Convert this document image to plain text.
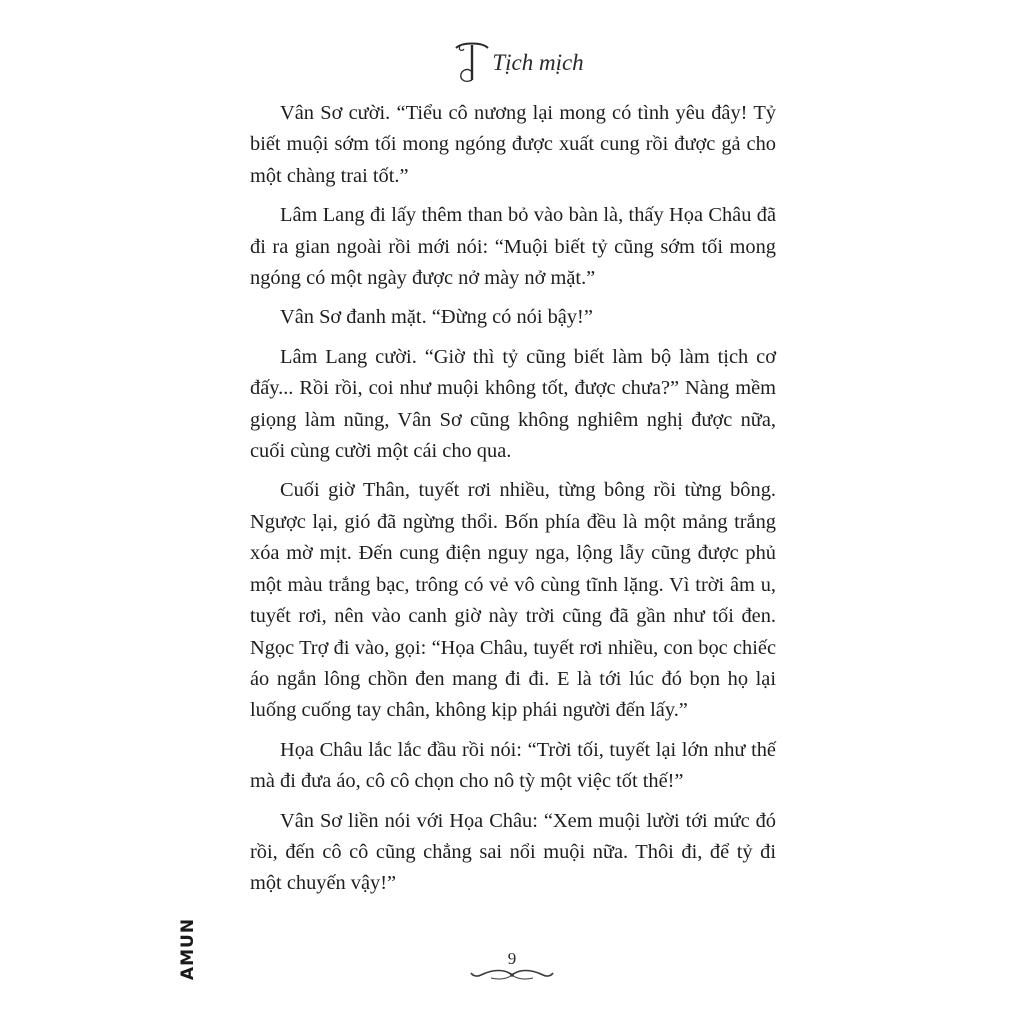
Tịch mịch

Vân Sơ cười. “Tiểu cô nương lại mong có tình yêu đây! Tỷ biết muội sớm tối mong ngóng được xuất cung rồi được gả cho một chàng trai tốt.”

Lâm Lang đi lấy thêm than bỏ vào bàn là, thấy Họa Châu đã đi ra gian ngoài rồi mới nói: “Muội biết tỷ cũng sớm tối mong ngóng có một ngày được nở mày nở mặt.”

Vân Sơ đanh mặt. “Đừng có nói bậy!”

Lâm Lang cười. “Giờ thì tỷ cũng biết làm bộ làm tịch cơ đấy... Rồi rồi, coi như muội không tốt, được chưa?” Nàng mềm giọng làm nũng, Vân Sơ cũng không nghiêm nghị được nữa, cuối cùng cười một cái cho qua.

Cuối giờ Thân, tuyết rơi nhiều, từng bông rồi từng bông. Ngược lại, gió đã ngừng thổi. Bốn phía đều là một mảng trắng xóa mờ mịt. Đến cung điện nguy nga, lộng lẫy cũng được phủ một màu trắng bạc, trông có vẻ vô cùng tĩnh lặng. Vì trời âm u, tuyết rơi, nên vào canh giờ này trời cũng đã gần như tối đen. Ngọc Trợ đi vào, gọi: “Họa Châu, tuyết rơi nhiều, con bọc chiếc áo ngắn lông chồn đen mang đi đi. E là tới lúc đó bọn họ lại luống cuống tay chân, không kịp phái người đến lấy.”

Họa Châu lắc lắc đầu rồi nói: “Trời tối, tuyết lại lớn như thế mà đi đưa áo, cô cô chọn cho nô tỳ một việc tốt thế!”

Vân Sơ liền nói với Họa Châu: “Xem muội lười tới mức đó rồi, đến cô cô cũng chẳng sai nổi muội nữa. Thôi đi, để tỷ đi một chuyến vậy!”

AMUN	9
